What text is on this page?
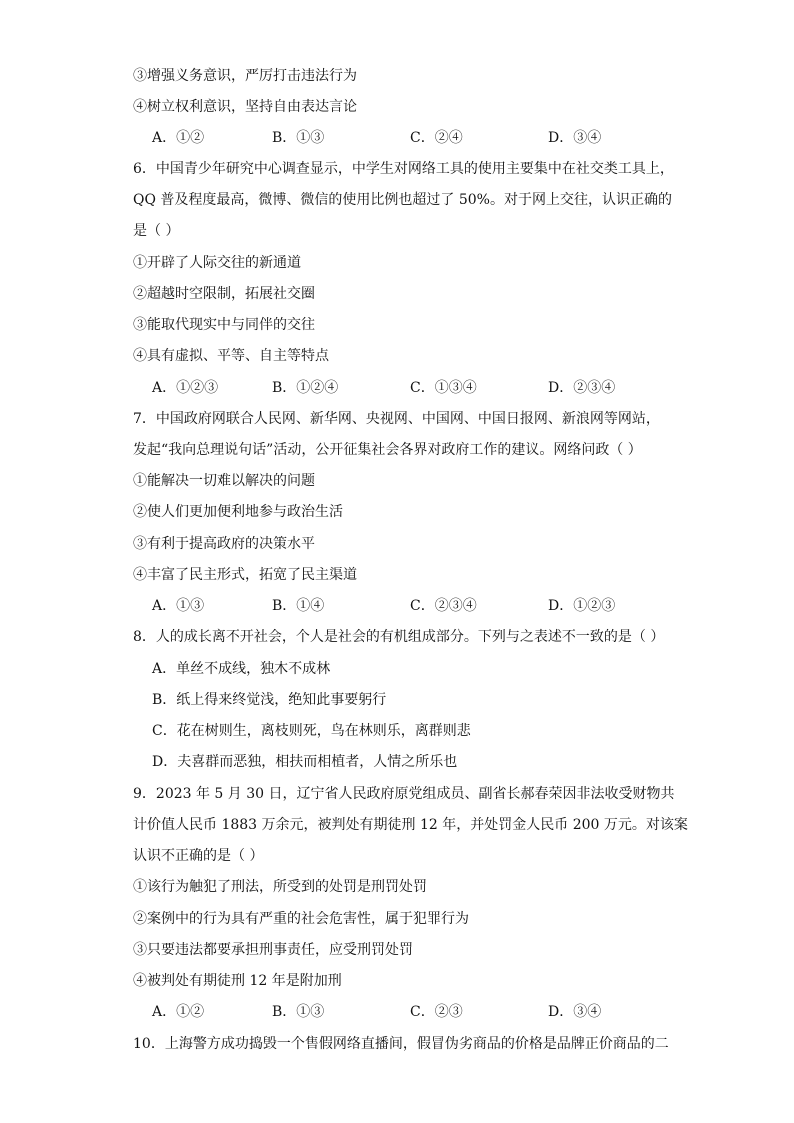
③增强义务意识，严厉打击违法行为
④树立权利意识，坚持自由表达言论
A．①②	B．①③	C．②④	D．③④
6．中国青少年研究中心调查显示，中学生对网络工具的使用主要集中在社交类工具上，
QQ 普及程度最高，微博、微信的使用比例也超过了 50%。对于网上交往，认识正确的
是（ ）
①开辟了人际交往的新通道
②超越时空限制，拓展社交圈
③能取代现实中与同伴的交往
④具有虚拟、平等、自主等特点
A．①②③	B．①②④	C．①③④	D．②③④
7．中国政府网联合人民网、新华网、央视网、中国网、中国日报网、新浪网等网站，
发起“我向总理说句话”活动，公开征集社会各界对政府工作的建议。网络问政（ ）
①能解决一切难以解决的问题
②使人们更加便利地参与政治生活
③有利于提高政府的决策水平
④丰富了民主形式，拓宽了民主渠道
A．①③	B．①④	C．②③④	D．①②③
8．人的成长离不开社会，个人是社会的有机组成部分。下列与之表述不一致的是（ ）
A．单丝不成线，独木不成林
B．纸上得来终觉浅，绝知此事要躬行
C．花在树则生，离枝则死，鸟在林则乐，离群则悲
D．夫喜群而恶独，相扶而相植者，人情之所乐也
9．2023 年 5 月 30 日，辽宁省人民政府原党组成员、副省长郝春荣因非法收受财物共
计价值人民币 1883 万余元，被判处有期徒刑 12 年，并处罚金人民币 200 万元。对该案
认识不正确的是（ ）
①该行为触犯了刑法，所受到的处罚是刑罚处罚
②案例中的行为具有严重的社会危害性，属于犯罪行为
③只要违法都要承担刑事责任，应受刑罚处罚
④被判处有期徒刑 12 年是附加刑
A．①②	B．①③	C．②③	D．③④
10．上海警方成功捣毁一个售假网络直播间，假冒伪劣商品的价格是品牌正价商品的二
